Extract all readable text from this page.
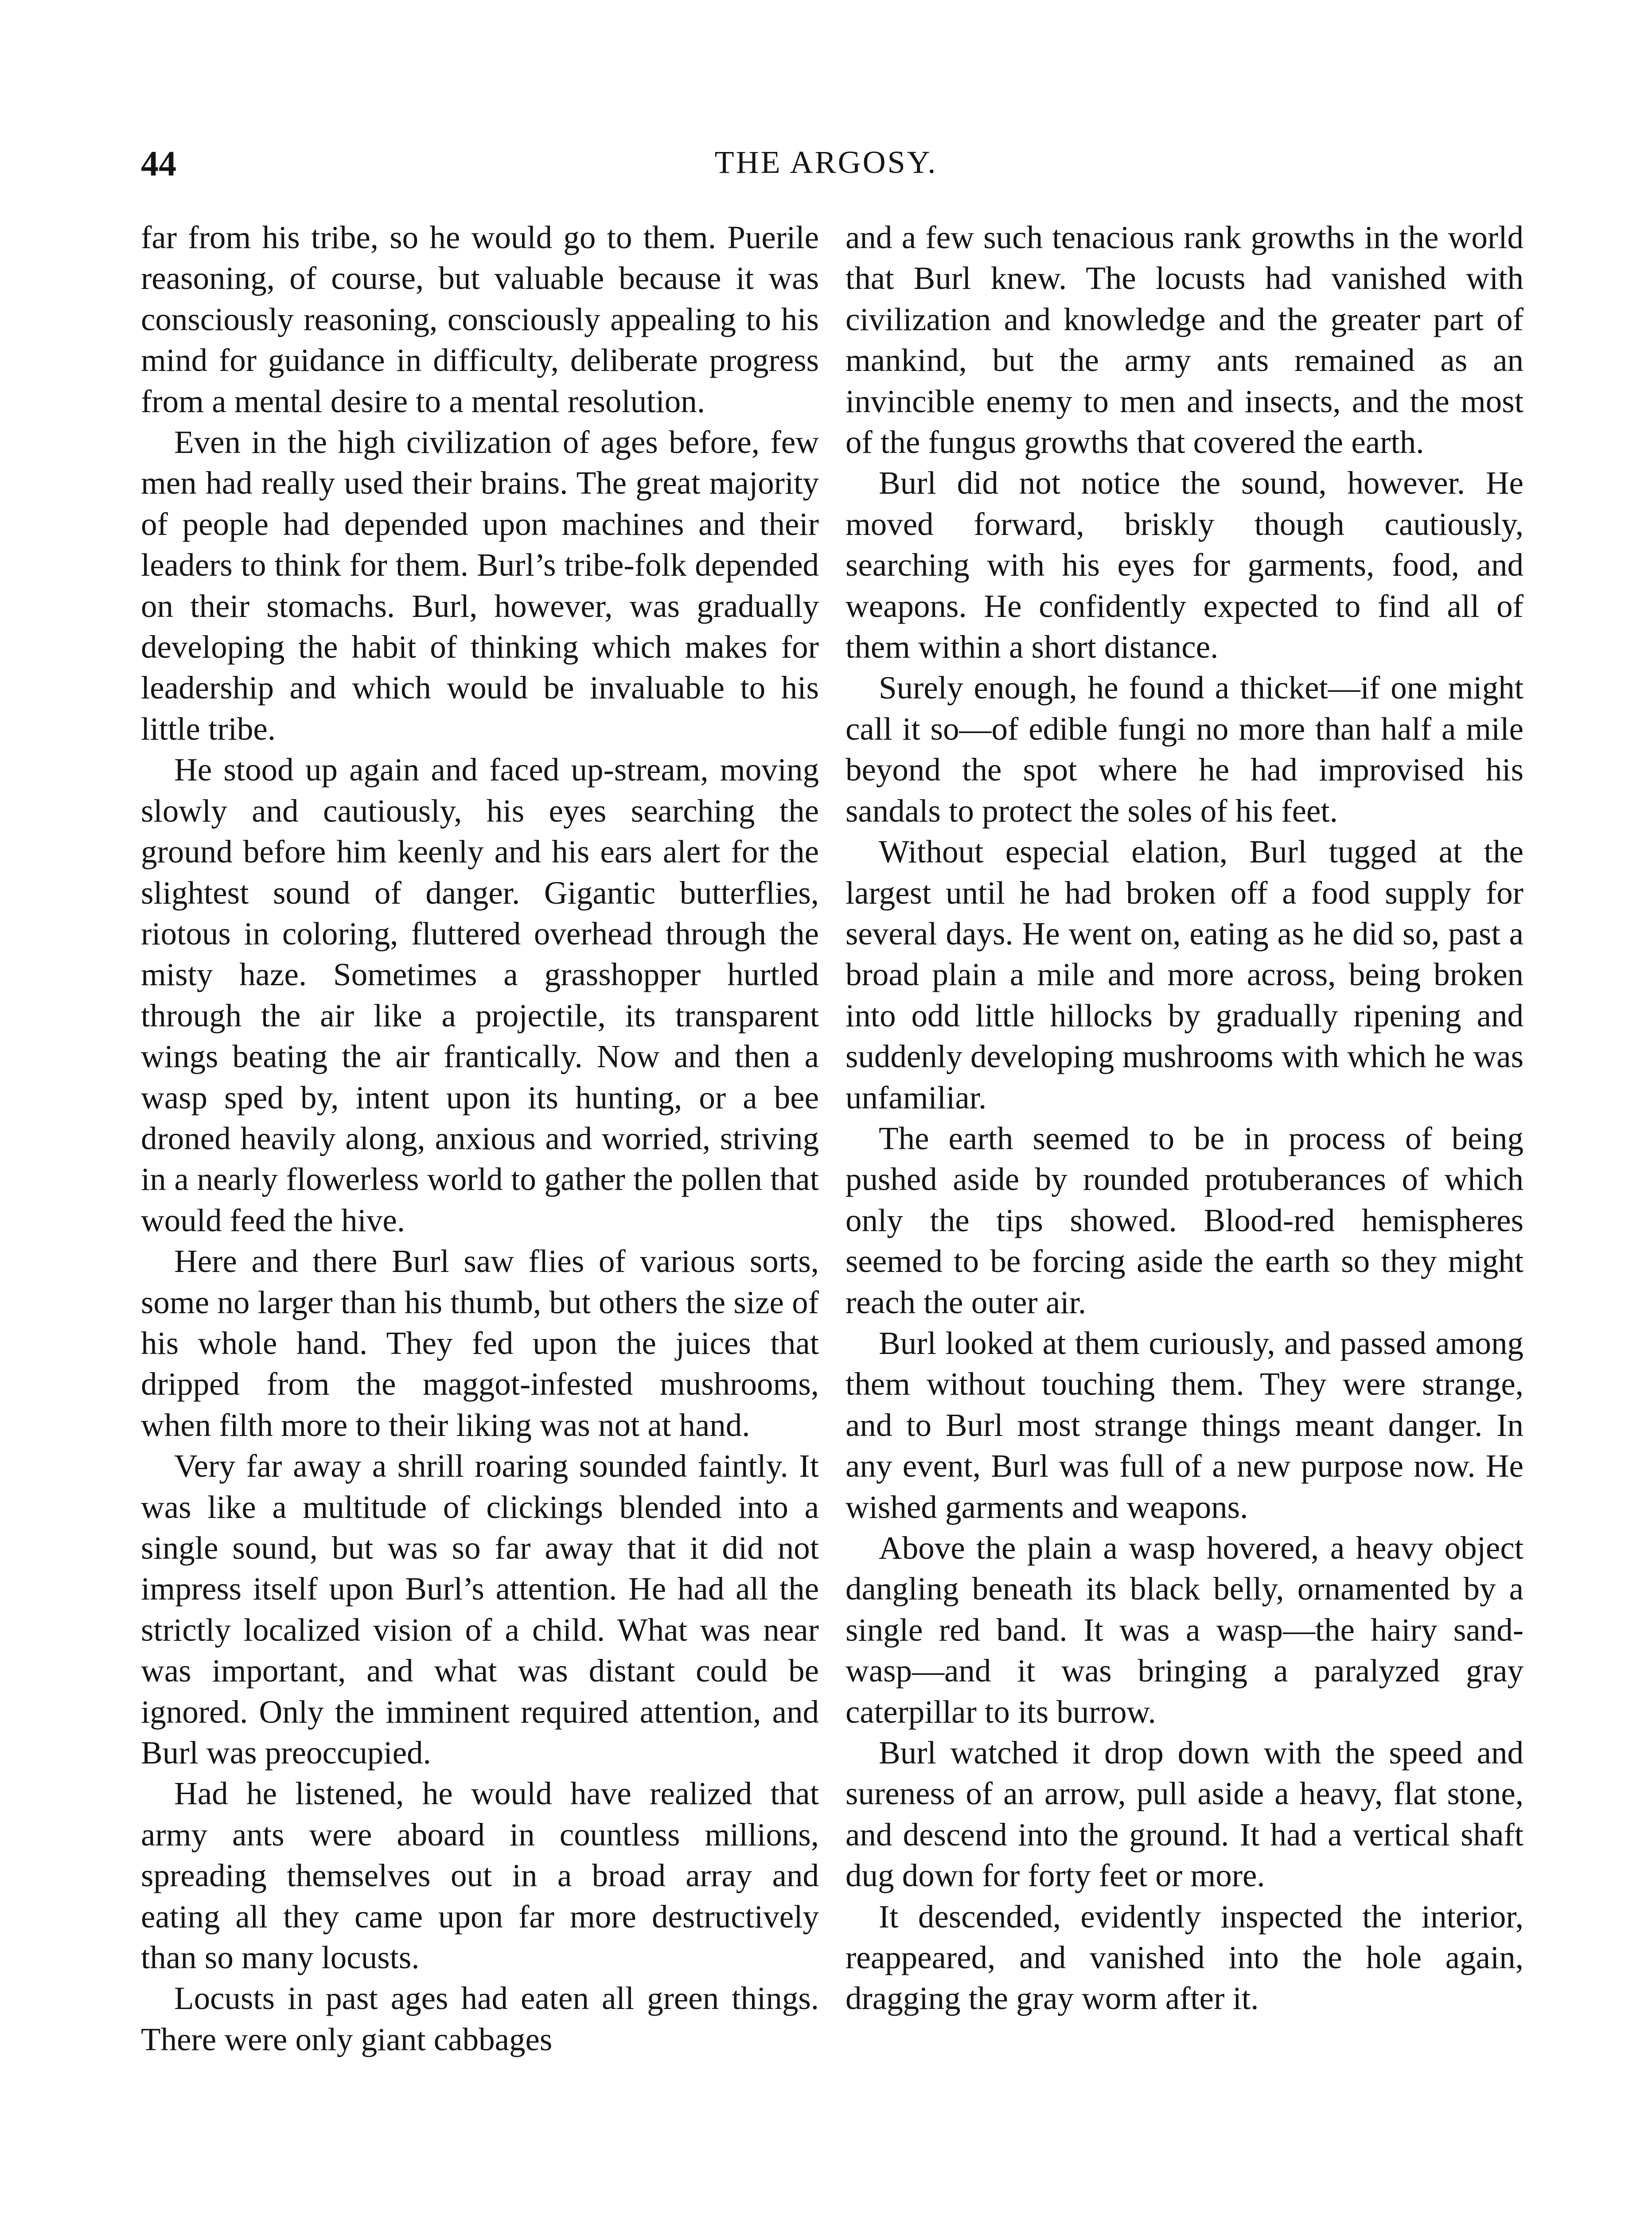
44	THE ARGOSY.

far from his tribe, so he would go to them. Puerile reasoning, of course, but valuable because it was consciously reasoning, consciously appealing to his mind for guidance in difficulty, deliberate progress from a mental desire to a mental resolution.

Even in the high civilization of ages before, few men had really used their brains. The great majority of people had depended upon machines and their leaders to think for them. Burl’s tribe-folk depended on their stomachs. Burl, however, was gradually developing the habit of thinking which makes for leadership and which would be invaluable to his little tribe.

He stood up again and faced up-stream, moving slowly and cautiously, his eyes searching the ground before him keenly and his ears alert for the slightest sound of danger. Gigantic butterflies, riotous in coloring, fluttered overhead through the misty haze. Sometimes a grasshopper hurtled through the air like a projectile, its transparent wings beating the air frantically. Now and then a wasp sped by, intent upon its hunting, or a bee droned heavily along, anxious and worried, striving in a nearly flowerless world to gather the pollen that would feed the hive.

Here and there Burl saw flies of various sorts, some no larger than his thumb, but others the size of his whole hand. They fed upon the juices that dripped from the maggot-infested mushrooms, when filth more to their liking was not at hand.

Very far away a shrill roaring sounded faintly. It was like a multitude of clickings blended into a single sound, but was so far away that it did not impress itself upon Burl’s attention. He had all the strictly localized vision of a child. What was near was important, and what was distant could be ignored. Only the imminent required attention, and Burl was preoccupied.

Had he listened, he would have realized that army ants were aboard in countless millions, spreading themselves out in a broad array and eating all they came upon far more destructively than so many locusts.

Locusts in past ages had eaten all green things. There were only giant cabbages

and a few such tenacious rank growths in the world that Burl knew. The locusts had vanished with civilization and knowledge and the greater part of mankind, but the army ants remained as an invincible enemy to men and insects, and the most of the fungus growths that covered the earth.

Burl did not notice the sound, however. He moved forward, briskly though cautiously, searching with his eyes for garments, food, and weapons. He confidently expected to find all of them within a short distance.

Surely enough, he found a thicket—if one might call it so—of edible fungi no more than half a mile beyond the spot where he had improvised his sandals to protect the soles of his feet.

Without especial elation, Burl tugged at the largest until he had broken off a food supply for several days. He went on, eating as he did so, past a broad plain a mile and more across, being broken into odd little hillocks by gradually ripening and suddenly developing mushrooms with which he was unfamiliar.

The earth seemed to be in process of being pushed aside by rounded protuberances of which only the tips showed. Blood-red hemispheres seemed to be forcing aside the earth so they might reach the outer air.

Burl looked at them curiously, and passed among them without touching them. They were strange, and to Burl most strange things meant danger. In any event, Burl was full of a new purpose now. He wished garments and weapons.

Above the plain a wasp hovered, a heavy object dangling beneath its black belly, ornamented by a single red band. It was a wasp—the hairy sand-wasp—and it was bringing a paralyzed gray caterpillar to its burrow.

Burl watched it drop down with the speed and sureness of an arrow, pull aside a heavy, flat stone, and descend into the ground. It had a vertical shaft dug down for forty feet or more.

It descended, evidently inspected the interior, reappeared, and vanished into the hole again, dragging the gray worm after it.
